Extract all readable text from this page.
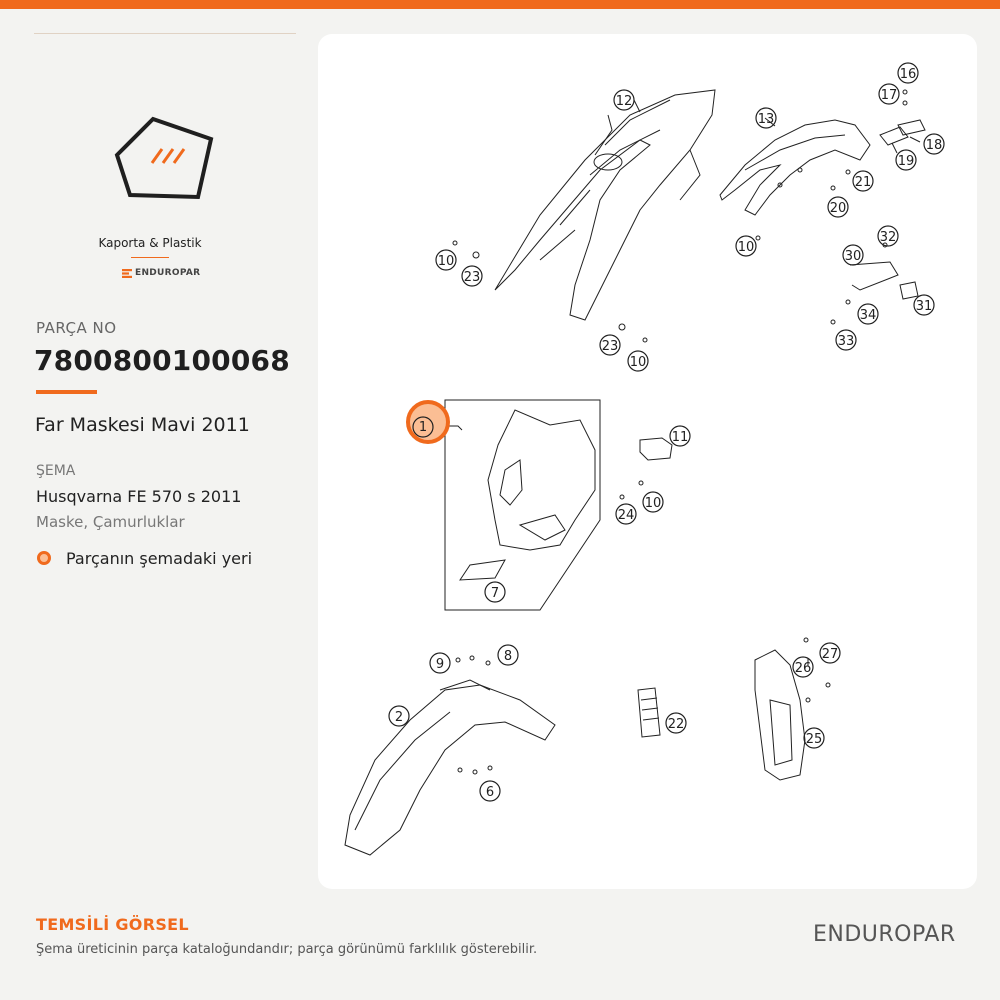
Kaporta & Plastik
ENDUROPAR
PARÇA NO
7800800100068
Far Maskesi Mavi 2011
ŞEMA
Husqvarna FE 570 s 2011
Maske, Çamurluklar
Parçanın şemadaki yeri
1
12
13
16
17
18
19
21
20
10
10
23
23
10
32
30
31
34
33
11
10
24
7
9
8
2	22
6
26
27
25
TEMSİLİ GÖRSEL
Şema üreticinin parça kataloğundandır; parça görünümü farklılık gösterebilir.
ENDUROPAR
